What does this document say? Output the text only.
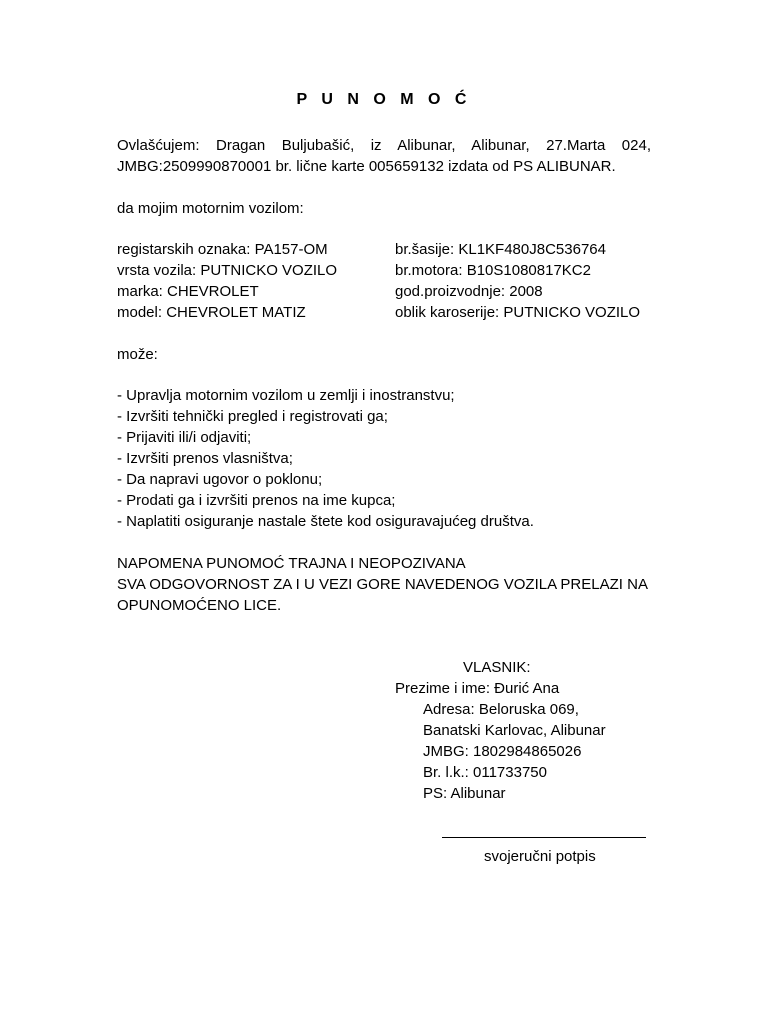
P U N O M O Ć

Ovlašćujem: Dragan Buljubašić, iz Alibunar, Alibunar, 27.Marta 024,

JMBG:2509990870001 br. lične karte 005659132 izdata od PS ALIBUNAR.

da mojim motornim vozilom:
registarskih oznaka: PA157-OM
vrsta vozila: PUTNICKO VOZILO
marka: CHEVROLET
model: CHEVROLET MATIZ
br.šasije: KL1KF480J8C536764
br.motora: B10S1080817KC2
god.proizvodnje: 2008
oblik karoserije: PUTNICKO VOZILO
može:
- Upravlja motornim vozilom u zemlji i inostranstvu;
- Izvršiti tehnički pregled i registrovati ga;
- Prijaviti ili/i odjaviti;
- Izvršiti prenos vlasništva;
- Da napravi ugovor o poklonu;
- Prodati ga i izvršiti prenos na ime kupca;
- Naplatiti osiguranje nastale štete kod osiguravajućeg društva.
NAPOMENA PUNOMOĆ TRAJNA I NEOPOZIVANA
SVA ODGOVORNOST ZA I U VEZI GORE NAVEDENOG VOZILA PRELAZI NA
OPUNOMOĆENO LICE.
VLASNIK:
Prezime i ime: Đurić Ana
Adresa: Beloruska 069,
Banatski Karlovac, Alibunar
JMBG: 1802984865026
Br. l.k.: 011733750
PS: Alibunar
svojeručni potpis
